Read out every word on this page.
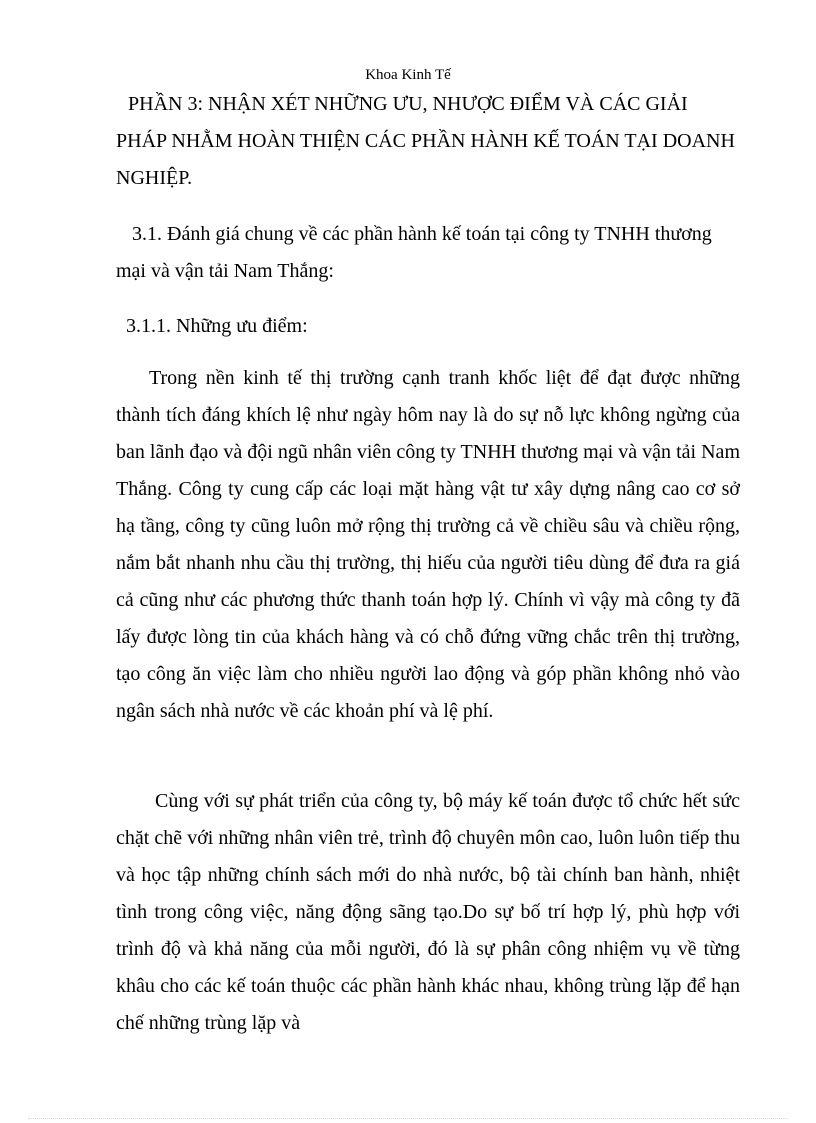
Khoa Kinh Tế
PHẦN 3: NHẬN XÉT NHỮNG ƯU, NHƯỢC ĐIỂM VÀ CÁC GIẢI PHÁP NHẰM HOÀN THIỆN CÁC PHẦN HÀNH KẾ TOÁN TẠI DOANH NGHIỆP.
3.1. Đánh giá chung về các phần hành kế toán tại công ty TNHH thương mại và vận tải Nam Thắng:
3.1.1. Những ưu điểm:
Trong nền kinh tế thị trường cạnh tranh khốc liệt để đạt được những thành tích đáng khích lệ như ngày hôm nay là do sự nỗ lực không ngừng của ban lãnh đạo và đội ngũ nhân viên công ty TNHH thương mại và vận tải Nam Thắng. Công ty cung cấp các loại mặt hàng vật tư xây dựng nâng cao cơ sở hạ tầng, công ty cũng luôn mở rộng thị trường cả về chiều sâu và chiều rộng, nắm bắt nhanh nhu cầu thị trường, thị hiếu của người tiêu dùng để đưa ra giá cả cũng như các phương thức thanh toán hợp lý. Chính vì vậy mà công ty đã lấy được lòng tin của khách hàng và có chỗ đứng vững chắc trên thị trường, tạo công ăn việc làm cho nhiều người lao động và góp phần không nhỏ vào ngân sách nhà nước về các khoản phí và lệ phí.
Cùng với sự phát triển của công ty, bộ máy kế toán được tổ chức hết sức chặt chẽ với những nhân viên trẻ, trình độ chuyên môn cao, luôn luôn tiếp thu và học tập những chính sách mới do nhà nước, bộ tài chính ban hành, nhiệt tình trong công việc, năng động sãng tạo.Do sự bố trí hợp lý, phù hợp với trình độ và khả năng của mỗi người, đó là sự phân công nhiệm vụ về từng khâu cho các kế toán thuộc các phần hành khác nhau, không trùng lặp để hạn chế những trùng lặp và
